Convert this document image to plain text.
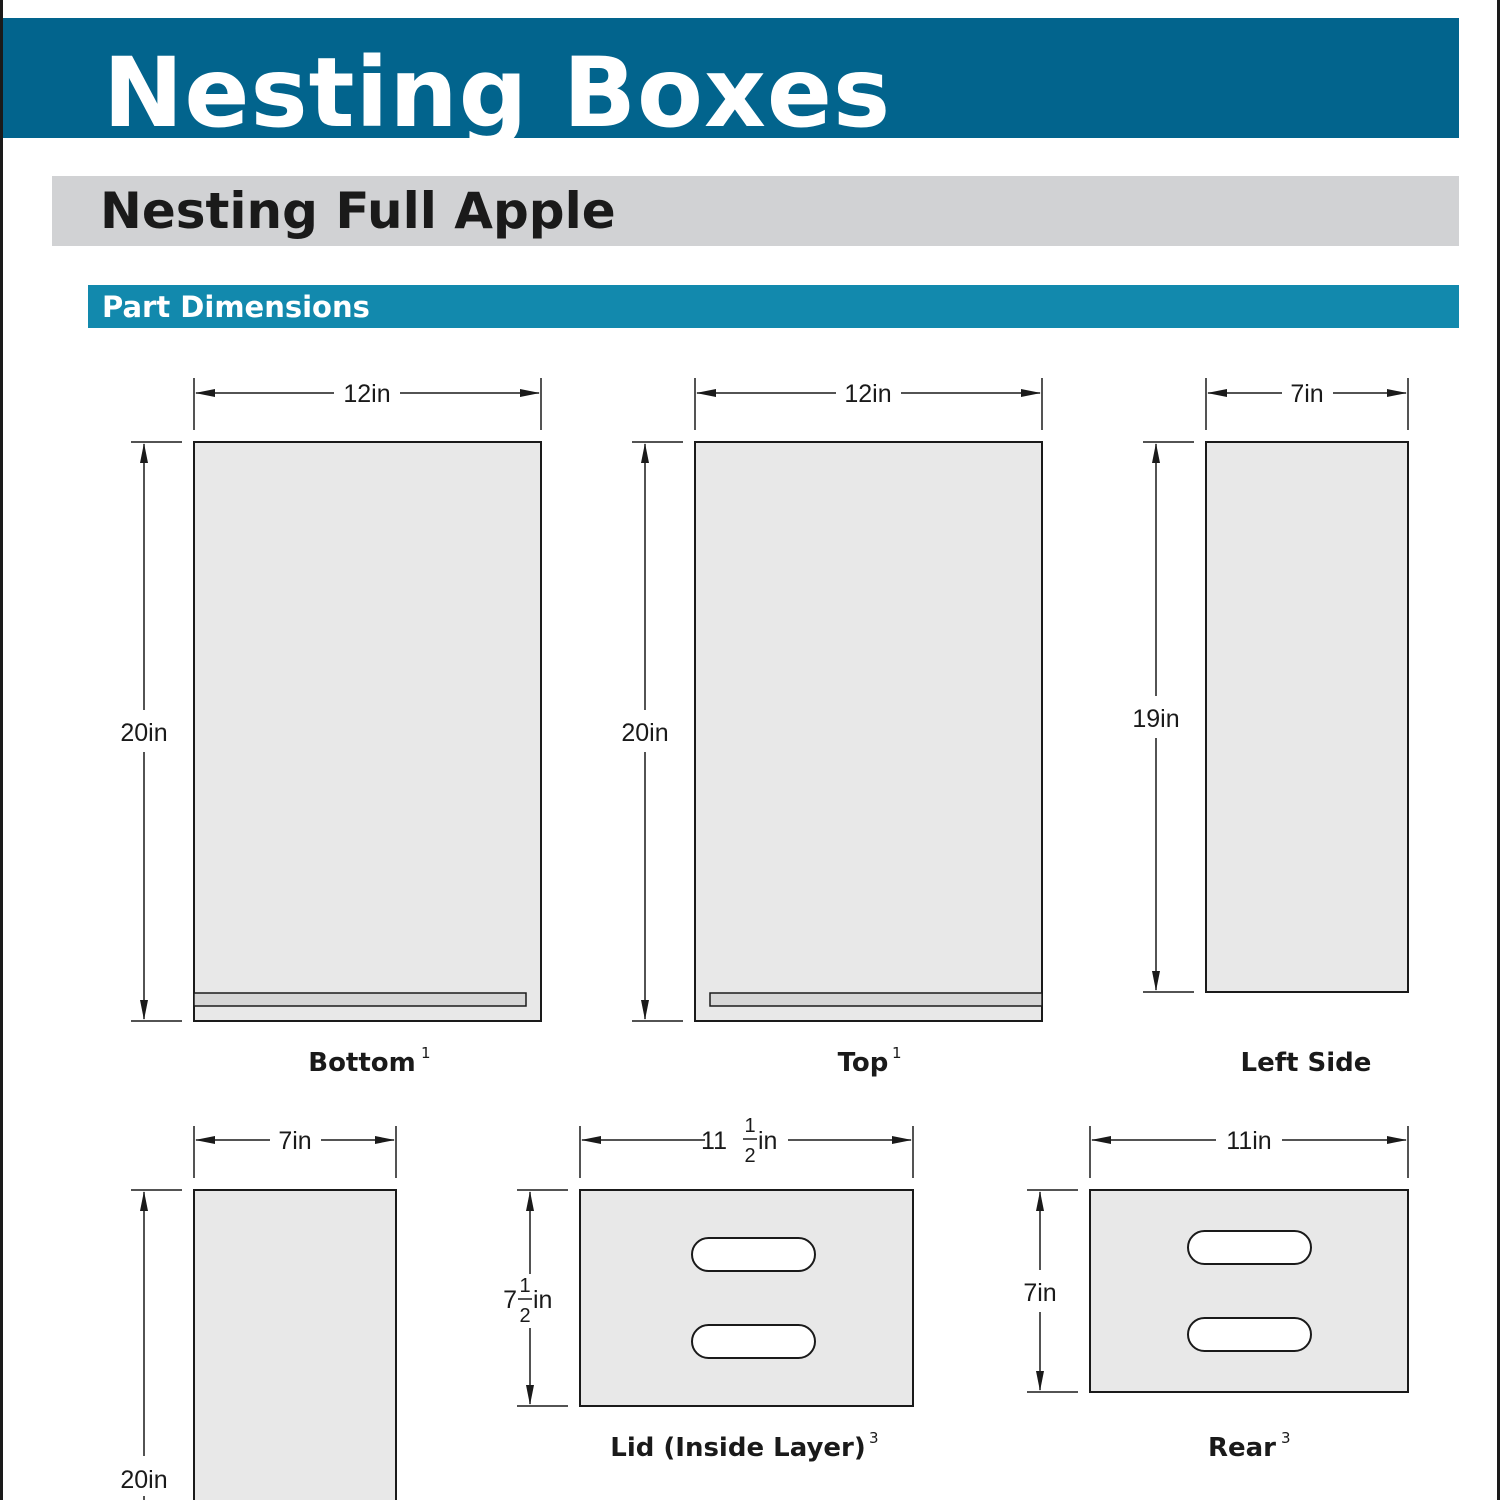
Nesting Boxes
Nesting Full Apple
Part Dimensions
12in
20in
Bottom 1
12in
20in
Top 1
7in
19in
Left Side
7in
20in
11
1
2
in
7 1
2
in
Lid (Inside Layer) 3
11in
7in
Rear 3
